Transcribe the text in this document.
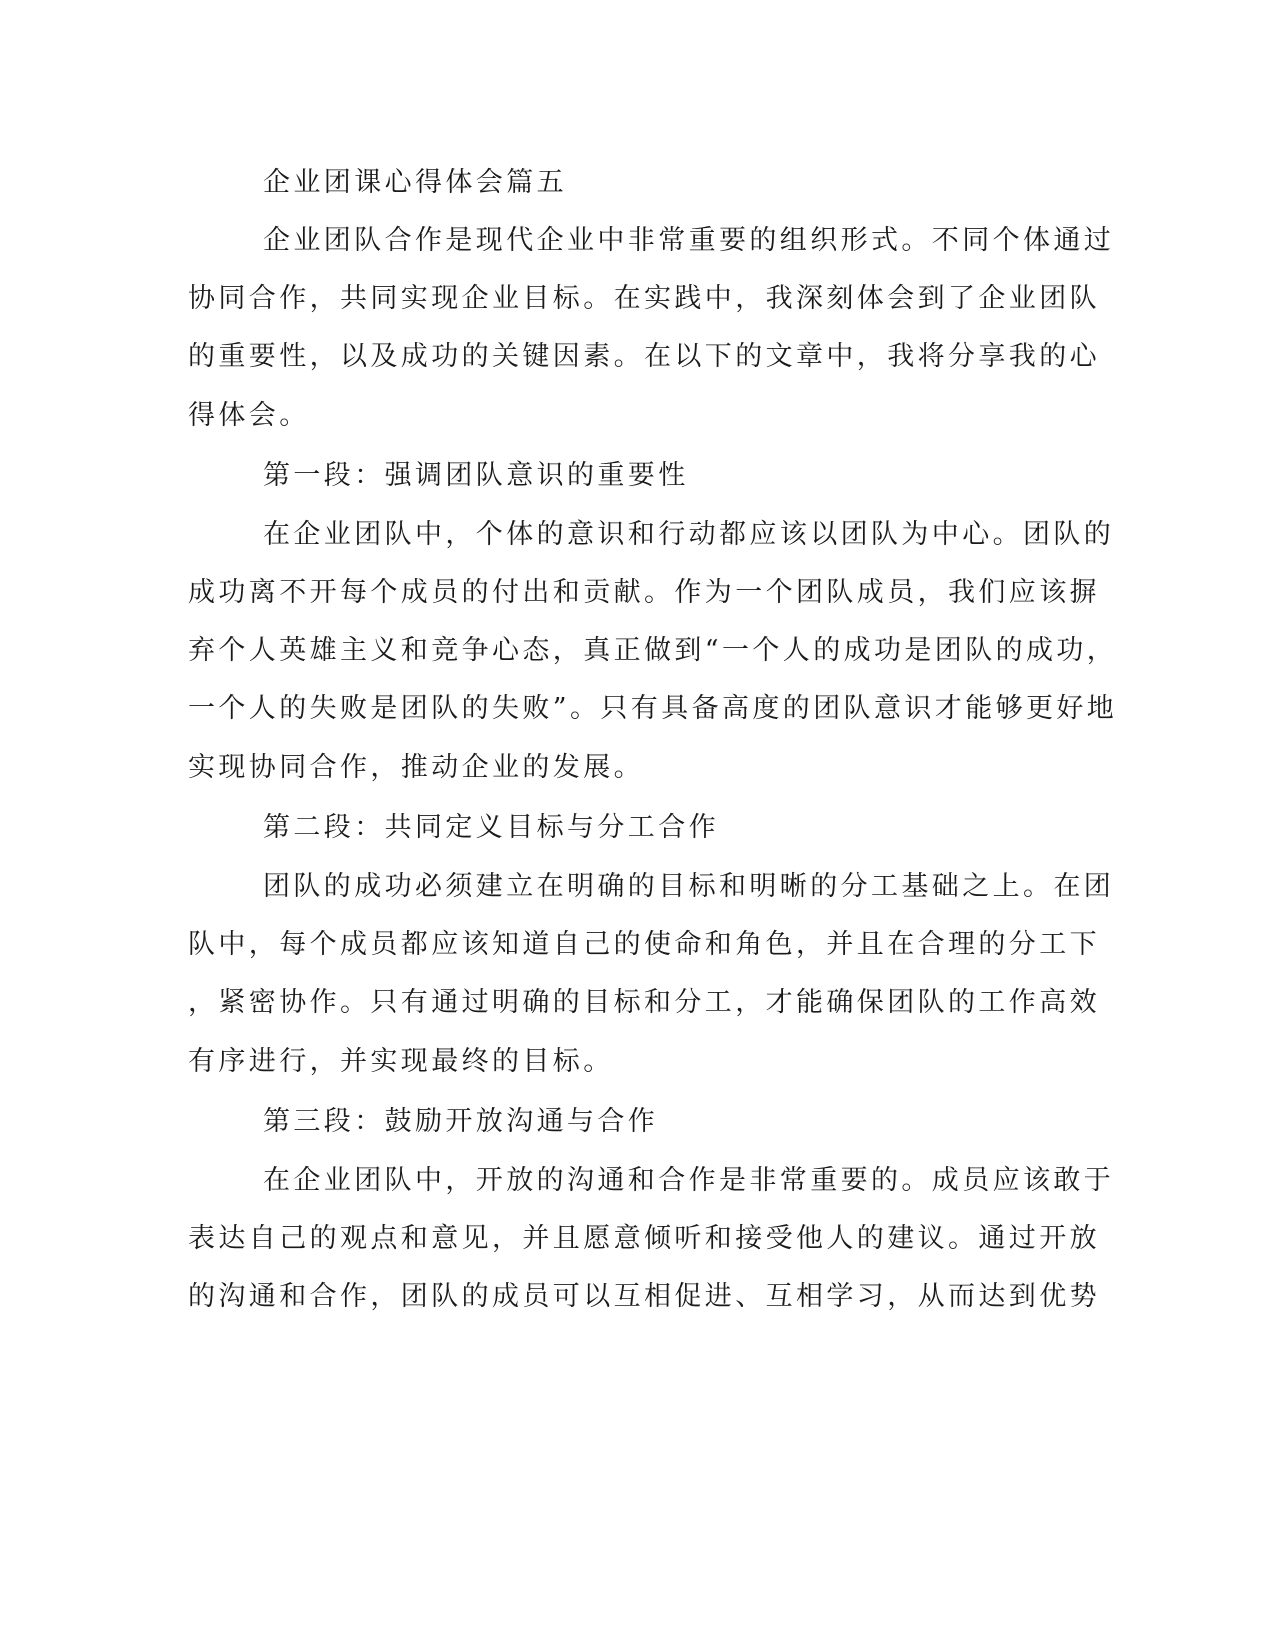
企业团课心得体会篇五
企业团队合作是现代企业中非常重要的组织形式。不同个体通过
协同合作，共同实现企业目标。在实践中，我深刻体会到了企业团队
的重要性，以及成功的关键因素。在以下的文章中，我将分享我的心
得体会。
第一段：强调团队意识的重要性
在企业团队中，个体的意识和行动都应该以团队为中心。团队的
成功离不开每个成员的付出和贡献。作为一个团队成员，我们应该摒
弃个人英雄主义和竞争心态，真正做到“一个人的成功是团队的成功，
一个人的失败是团队的失败”。只有具备高度的团队意识才能够更好地
实现协同合作，推动企业的发展。
第二段：共同定义目标与分工合作
团队的成功必须建立在明确的目标和明晰的分工基础之上。在团
队中，每个成员都应该知道自己的使命和角色，并且在合理的分工下
，紧密协作。只有通过明确的目标和分工，才能确保团队的工作高效
有序进行，并实现最终的目标。
第三段：鼓励开放沟通与合作
在企业团队中，开放的沟通和合作是非常重要的。成员应该敢于
表达自己的观点和意见，并且愿意倾听和接受他人的建议。通过开放
的沟通和合作，团队的成员可以互相促进、互相学习，从而达到优势
